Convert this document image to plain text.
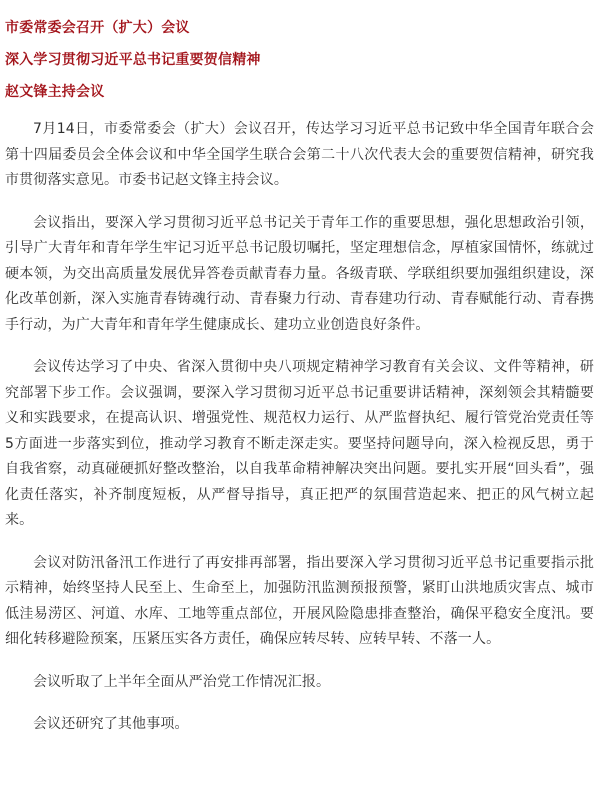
市委常委会召开（扩大）会议
深入学习贯彻习近平总书记重要贺信精神
赵文锋主持会议

7月14日，市委常委会（扩大）会议召开，传达学习习近平总书记致中华全国青年联合会第十四届委员会全体会议和中华全国学生联合会第二十八次代表大会的重要贺信精神，研究我市贯彻落实意见。市委书记赵文锋主持会议。

会议指出，要深入学习贯彻习近平总书记关于青年工作的重要思想，强化思想政治引领，引导广大青年和青年学生牢记习近平总书记殷切嘱托，坚定理想信念，厚植家国情怀，练就过硬本领，为交出高质量发展优异答卷贡献青春力量。各级青联、学联组织要加强组织建设，深化改革创新，深入实施青春铸魂行动、青春聚力行动、青春建功行动、青春赋能行动、青春携手行动，为广大青年和青年学生健康成长、建功立业创造良好条件。

会议传达学习了中央、省深入贯彻中央八项规定精神学习教育有关会议、文件等精神，研究部署下步工作。会议强调，要深入学习贯彻习近平总书记重要讲话精神，深刻领会其精髓要义和实践要求，在提高认识、增强党性、规范权力运行、从严监督执纪、履行管党治党责任等5方面进一步落实到位，推动学习教育不断走深走实。要坚持问题导向，深入检视反思，勇于自我省察，动真碰硬抓好整改整治，以自我革命精神解决突出问题。要扎实开展“回头看”，强化责任落实，补齐制度短板，从严督导指导，真正把严的氛围营造起来、把正的风气树立起来。

会议对防汛备汛工作进行了再安排再部署，指出要深入学习贯彻习近平总书记重要指示批示精神，始终坚持人民至上、生命至上，加强防汛监测预报预警，紧盯山洪地质灾害点、城市低洼易涝区、河道、水库、工地等重点部位，开展风险隐患排查整治，确保平稳安全度汛。要细化转移避险预案，压紧压实各方责任，确保应转尽转、应转早转、不落一人。

会议听取了上半年全面从严治党工作情况汇报。

会议还研究了其他事项。
